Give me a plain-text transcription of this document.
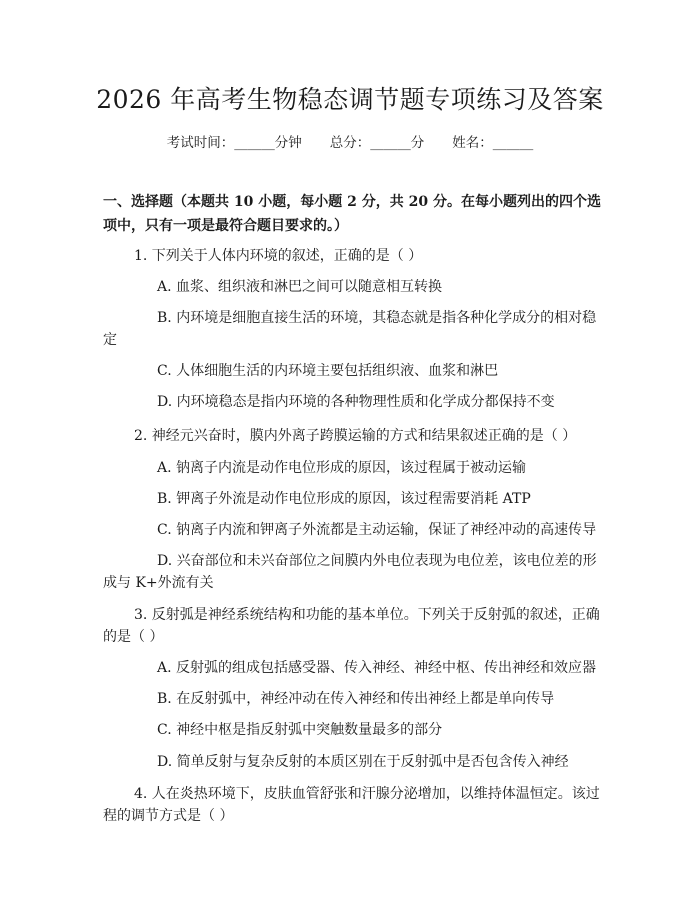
2026 年高考生物稳态调节题专项练习及答案
考试时间：______分钟 总分：______分 姓名：______
一、选择题（本题共 10 小题，每小题 2 分，共 20 分。在每小题列出的四个选项中，只有一项是最符合题目要求的。）
1. 下列关于人体内环境的叙述，正确的是（ ）
A. 血浆、组织液和淋巴之间可以随意相互转换
B. 内环境是细胞直接生活的环境，其稳态就是指各种化学成分的相对稳
定
C. 人体细胞生活的内环境主要包括组织液、血浆和淋巴
D. 内环境稳态是指内环境的各种物理性质和化学成分都保持不变
2. 神经元兴奋时，膜内外离子跨膜运输的方式和结果叙述正确的是（ ）
A. 钠离子内流是动作电位形成的原因，该过程属于被动运输
B. 钾离子外流是动作电位形成的原因，该过程需要消耗 ATP
C. 钠离子内流和钾离子外流都是主动运输，保证了神经冲动的高速传导
D. 兴奋部位和未兴奋部位之间膜内外电位表现为电位差，该电位差的形
成与 K+外流有关
3. 反射弧是神经系统结构和功能的基本单位。下列关于反射弧的叙述，正确
的是（ ）
A. 反射弧的组成包括感受器、传入神经、神经中枢、传出神经和效应器
B. 在反射弧中，神经冲动在传入神经和传出神经上都是单向传导
C. 神经中枢是指反射弧中突触数量最多的部分
D. 简单反射与复杂反射的本质区别在于反射弧中是否包含传入神经
4. 人在炎热环境下，皮肤血管舒张和汗腺分泌增加，以维持体温恒定。该过
程的调节方式是（ ）
